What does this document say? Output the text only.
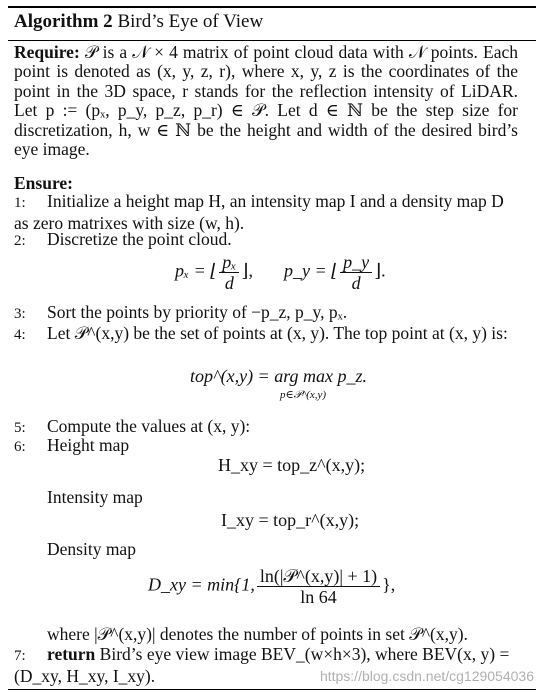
Algorithm 2 Bird’s Eye of View
Require: 𝒫 is a 𝒩 × 4 matrix of point cloud data with 𝒩 points. Each point is denoted as (x, y, z, r), where x, y, z is the coordinates of the point in the 3D space, r stands for the reflection intensity of LiDAR. Let p := (pₓ, p_y, p_z, p_r) ∈ 𝒫. Let d ∈ ℕ be the step size for discretization, h, w ∈ ℕ be the height and width of the desired bird’s eye image.
Ensure:
1: Initialize a height map H, an intensity map I and a density map D as zero matrixes with size (w, h).
2: Discretize the point cloud.
pₓ = ⌊ $\frac{\text{pₓ}}{d}$ ⌋, p_y = ⌊ $\frac{p\_y}{d}$ ⌋.
3: Sort the points by priority of −p_z, p_y, pₓ.
4: Let 𝒫^(x,y) be the set of points at (x, y). The top point at (x, y) is:
top^(x,y) = arg max p_z.
p∈𝒫^(x,y)
5: Compute the values at (x, y):
6: Height map
H_xy = top_z^(x,y);
Intensity map
I_xy = top_r^(x,y);
Density map
D_xy = min{1, $\frac{\text{ln(|𝒫\textasciicircum{}(x,y)| + 1)}}{\ln 64}$ },
where |𝒫^(x,y)| denotes the number of points in set 𝒫^(x,y).
7: return Bird’s eye view image BEV_(w×h×3), where BEV(x, y) = (D_xy, H_xy, I_xy).	https://blog.csdn.net/cg129054036
